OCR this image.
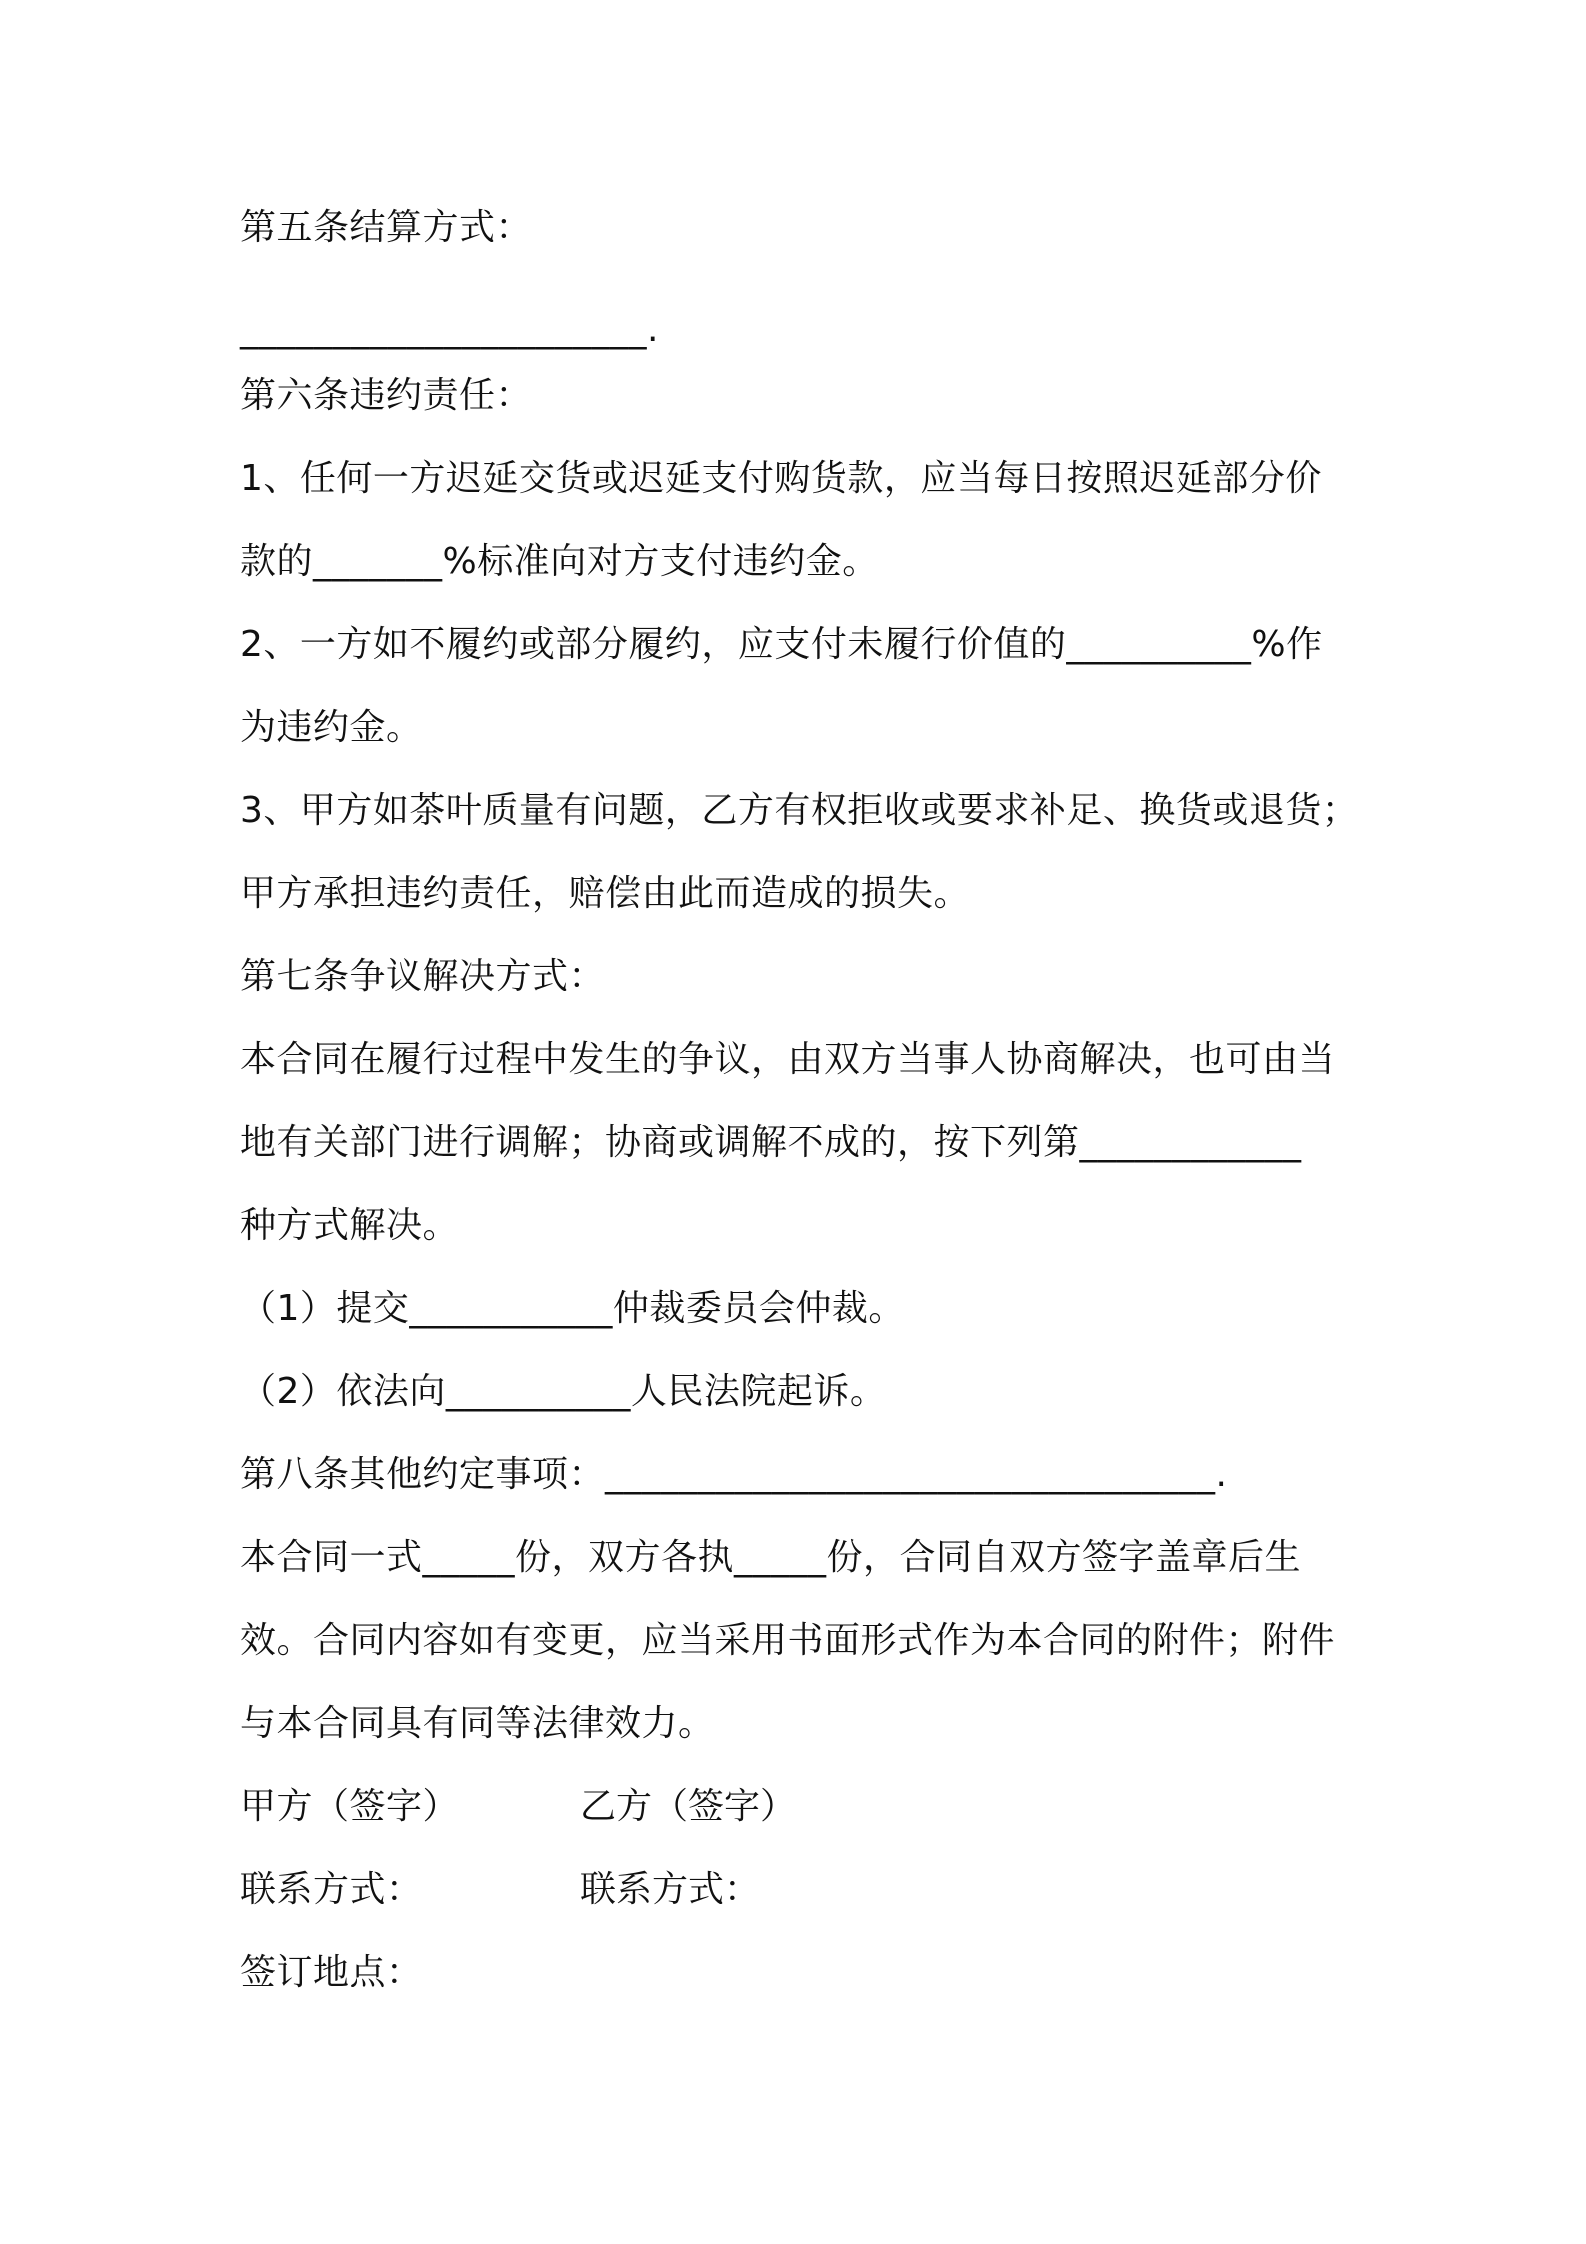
第五条结算方式：
______________________.
第六条违约责任：
1、任何一方迟延交货或迟延支付购货款，应当每日按照迟延部分价
款的_______%标准向对方支付违约金。
2、一方如不履约或部分履约，应支付未履行价值的__________%作
为违约金。
3、甲方如茶叶质量有问题，乙方有权拒收或要求补足、换货或退货；
甲方承担违约责任，赔偿由此而造成的损失。
第七条争议解决方式：
本合同在履行过程中发生的争议，由双方当事人协商解决，也可由当
地有关部门进行调解；协商或调解不成的，按下列第____________
种方式解决。
（1）提交___________仲裁委员会仲裁。
（2）依法向__________人民法院起诉。
第八条其他约定事项：_________________________________.
本合同一式_____份，双方各执_____份，合同自双方签字盖章后生
效。合同内容如有变更，应当采用书面形式作为本合同的附件；附件
与本合同具有同等法律效力。
甲方（签字）	乙方（签字）
联系方式：	联系方式：
签订地点：
